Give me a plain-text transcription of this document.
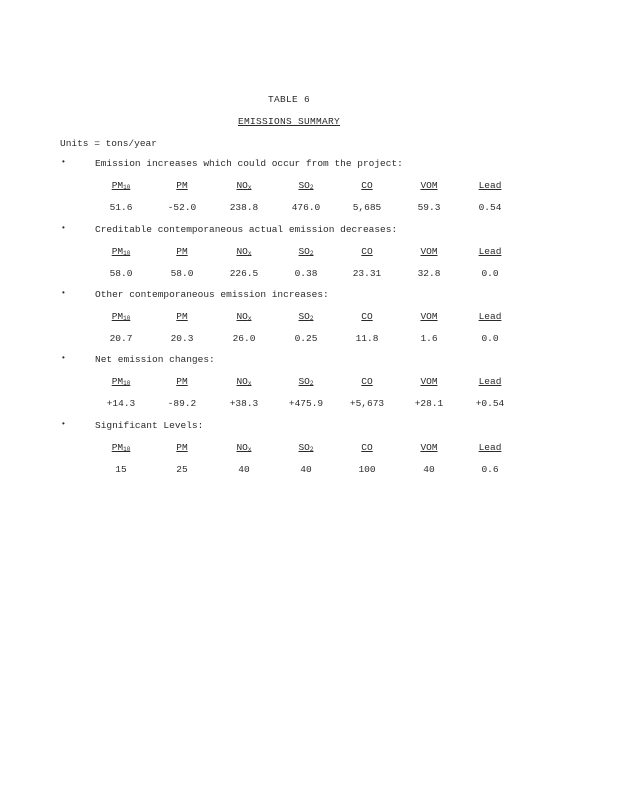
TABLE 6
EMISSIONS SUMMARY
Units = tons/year
•	Emission increases which could occur from the project:
$PM_{10}$	PM	$NO_x$	$SO_2$	CO	VOM	Lead
51.6	-52.0	238.8	476.0	5,685	59.3	0.54
•	Creditable contemporaneous actual emission decreases:
$PM_{10}$	PM	$NO_x$	$SO_2$	CO	VOM	Lead
58.0	58.0	226.5	0.38	23.31	32.8	0.0
•	Other contemporaneous emission increases:
$PM_{10}$	PM	$NO_x$	$SO_2$	CO	VOM	Lead
20.7	20.3	26.0	0.25	11.8	1.6	0.0
•	Net emission changes:
$PM_{10}$	PM	$NO_x$	$SO_2$	CO	VOM	Lead
+14.3	-89.2	+38.3	+475.9	+5,673	+28.1	+0.54
•	Significant Levels:
$PM_{10}$	PM	$NO_x$	$SO_2$	CO	VOM	Lead
15	25	40	40	100	40	0.6
